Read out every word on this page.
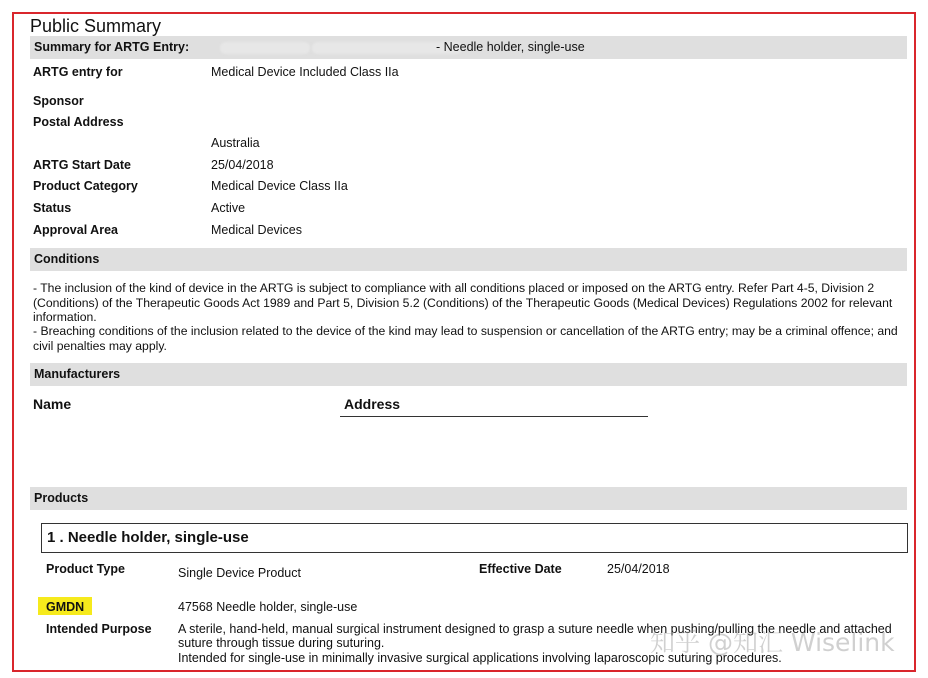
Public Summary
Summary for ARTG Entry:	- Needle holder, single-use
ARTG entry for	Medical Device Included Class IIa
Sponsor
Postal Address
Australia
ARTG Start Date	25/04/2018
Product Category	Medical Device Class IIa
Status	Active
Approval Area	Medical Devices
Conditions
- The inclusion of the kind of device in the ARTG is subject to compliance with all conditions placed or imposed on the ARTG entry. Refer Part 4-5, Division 2 (Conditions) of the Therapeutic Goods Act 1989 and Part 5, Division 5.2 (Conditions) of the Therapeutic Goods (Medical Devices) Regulations 2002 for relevant information.
- Breaching conditions of the inclusion related to the device of the kind may lead to suspension or cancellation of the ARTG entry; may be a criminal offence; and civil penalties may apply.
Manufacturers
Name	Address
Products
1 . Needle holder, single-use
Product Type	Single Device Product	Effective Date	25/04/2018
GMDN	47568 Needle holder, single-use
Intended Purpose A sterile, hand-held, manual surgical instrument designed to grasp a suture needle when pushing/pulling the needle and attached
suture through tissue during suturing.
Intended for single-use in minimally invasive surgical applications involving laparoscopic suturing procedures.
知乎 @知汇 Wiselink
